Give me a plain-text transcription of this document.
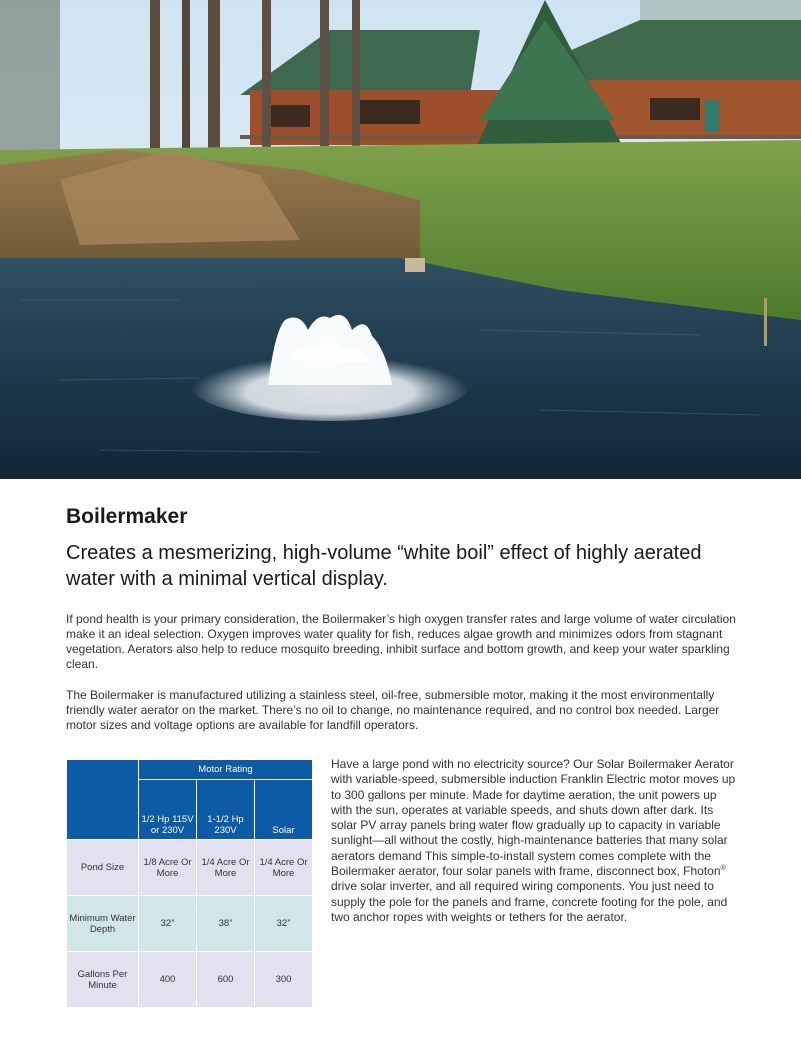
Boilermaker
Creates a mesmerizing, high-volume “white boil” effect of highly aerated water with a minimal vertical display.

If pond health is your primary consideration, the Boilermaker’s high oxygen transfer rates and large volume of water circulation make it an ideal selection. Oxygen improves water quality for fish, reduces algae growth and minimizes odors from stagnant vegetation. Aerators also help to reduce mosquito breeding, inhibit surface and bottom growth, and keep your water sparkling clean.

The Boilermaker is manufactured utilizing a stainless steel, oil-free, submersible motor, making it the most environmentally friendly water aerator on the market. There’s no oil to change, no maintenance required, and no control box needed. Larger motor sizes and voltage options are available for landfill operators.

	Motor Rating		
	1/2 Hp 115V or 230V	1-1/2 Hp 230V	Solar
Pond Size	1/8 Acre Or More	1/4 Acre Or More	1/4 Acre Or More
Minimum Water Depth	32”	38”	32”
Gallons Per Minute	400	600	300

Have a large pond with no electricity source? Our Solar Boilermaker Aerator with variable-speed, submersible induction Franklin Electric motor moves up to 300 gallons per minute. Made for daytime aeration, the unit powers up with the sun, operates at variable speeds, and shuts down after dark. Its solar PV array panels bring water flow gradually up to capacity in variable sunlight—all without the costly, high-maintenance batteries that many solar aerators demand This simple-to-install system comes complete with the Boilermaker aerator, four solar panels with frame, disconnect box, Fhoton® drive solar inverter, and all required wiring components. You just need to supply the pole for the panels and frame, concrete footing for the pole, and two anchor ropes with weights or tethers for the aerator.
